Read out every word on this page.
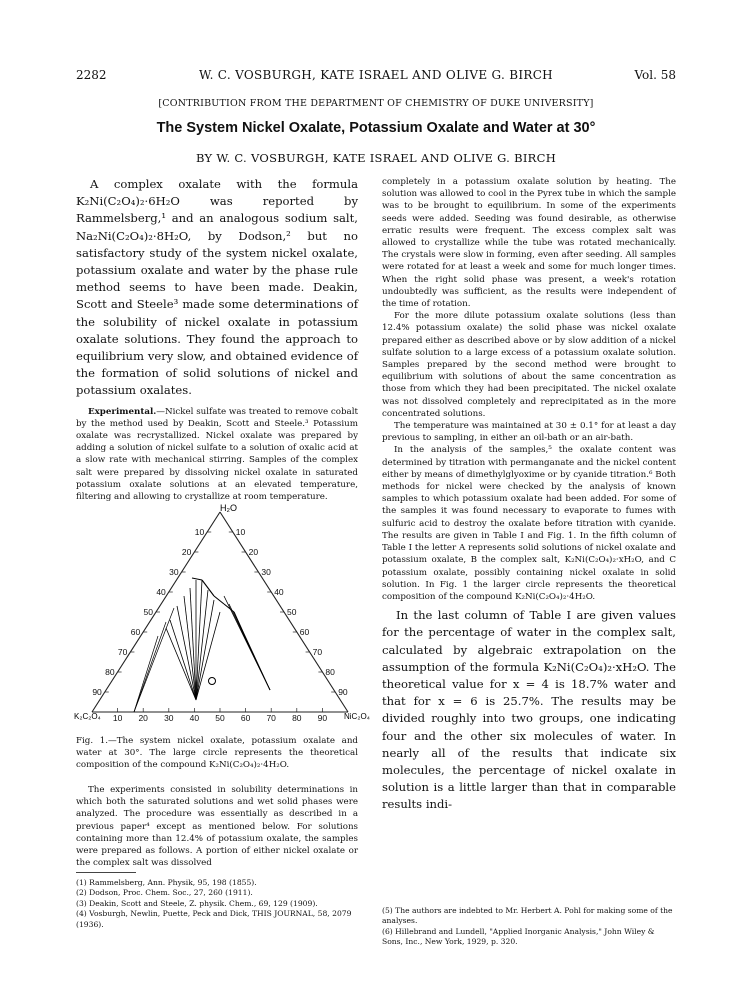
2282	W. C. VOSBURGH, KATE ISRAEL AND OLIVE G. BIRCH	Vol. 58
[CONTRIBUTION FROM THE DEPARTMENT OF CHEMISTRY OF DUKE UNIVERSITY]
The System Nickel Oxalate, Potassium Oxalate and Water at 30°
BY W. C. VOSBURGH, KATE ISRAEL AND OLIVE G. BIRCH

A complex oxalate with the formula K₂Ni(C₂O₄)₂·6H₂O was reported by Rammelsberg,¹ and an analogous sodium salt, Na₂Ni(C₂O₄)₂·8H₂O, by Dodson,² but no satisfactory study of the system nickel oxalate, potassium oxalate and water by the phase rule method seems to have been made. Deakin, Scott and Steele³ made some determinations of the solubility of nickel oxalate in potassium oxalate solutions. They found the approach to equilibrium very slow, and obtained evidence of the formation of solid solutions of nickel and potassium oxalates.

Experimental.—Nickel sulfate was treated to remove cobalt by the method used by Deakin, Scott and Steele.³ Potassium oxalate was recrystallized. Nickel oxalate was prepared by adding a solution of nickel sulfate to a solution of oxalic acid at a slow rate with mechanical stirring. Samples of the complex salt were prepared by dissolving nickel oxalate in saturated potassium oxalate solutions at an elevated temperature, filtering and allowing to crystallize at room temperature.

10	10
10
20	20
20
30	30
30
40	40
40
50	50
50
60	60
60
70	70
70
80	80
80
90	90
90
H₂O
K₂C₂O₄	NiC₂O₄
Fig. 1.—The system nickel oxalate, potassium oxalate and water at 30°. The large circle represents the theoretical composition of the compound K₂Ni(C₂O₄)₂·4H₂O.

The experiments consisted in solubility determinations in which both the saturated solutions and wet solid phases were analyzed. The procedure was essentially as described in a previous paper⁴ except as mentioned below. For solutions containing more than 12.4% of potassium oxalate, the samples were prepared as follows. A portion of either nickel oxalate or the complex salt was dissolved

completely in a potassium oxalate solution by heating. The solution was allowed to cool in the Pyrex tube in which the sample was to be brought to equilibrium. In some of the experiments seeds were added. Seeding was found desirable, as otherwise erratic results were frequent. The excess complex salt was allowed to crystallize while the tube was rotated mechanically. The crystals were slow in forming, even after seeding. All samples were rotated for at least a week and some for much longer times. When the right solid phase was present, a week's rotation undoubtedly was sufficient, as the results were independent of the time of rotation.

For the more dilute potassium oxalate solutions (less than 12.4% potassium oxalate) the solid phase was nickel oxalate prepared either as described above or by slow addition of a nickel sulfate solution to a large excess of a potassium oxalate solution. Samples prepared by the second method were brought to equilibrium with solutions of about the same concentration as those from which they had been precipitated. The nickel oxalate was not dissolved completely and reprecipitated as in the more concentrated solutions.

The temperature was maintained at 30 ± 0.1° for at least a day previous to sampling, in either an oil-bath or an air-bath.

In the analysis of the samples,⁵ the oxalate content was determined by titration with permanganate and the nickel content either by means of dimethylglyoxime or by cyanide titration.⁶ Both methods for nickel were checked by the analysis of known samples to which potassium oxalate had been added. For some of the samples it was found necessary to evaporate to fumes with sulfuric acid to destroy the oxalate before titration with cyanide. The results are given in Table I and Fig. 1. In the fifth column of Table I the letter A represents solid solutions of nickel oxalate and potassium oxalate, B the complex salt, K₂Ni(C₂O₄)₂·xH₂O, and C potassium oxalate, possibly containing nickel oxalate in solid solution. In Fig. 1 the larger circle represents the theoretical composition of the compound K₂Ni(C₂O₄)₂·4H₂O.

In the last column of Table I are given values for the percentage of water in the complex salt, calculated by algebraic extrapolation on the assumption of the formula K₂Ni(C₂O₄)₂·xH₂O. The theoretical value for x = 4 is 18.7% water and that for x = 6 is 25.7%. The results may be divided roughly into two groups, one indicating four and the other six molecules of water. In nearly all of the results that indicate six molecules, the percentage of nickel oxalate in solution is a little larger than that in comparable results indi-

(1) Rammelsberg, Ann. Physik, 95, 198 (1855).

(2) Dodson, Proc. Chem. Soc., 27, 260 (1911).

(3) Deakin, Scott and Steele, Z. physik. Chem., 69, 129 (1909).

(4) Vosburgh, Newlin, Puette, Peck and Dick, THIS JOURNAL, 58, 2079 (1936).

(5) The authors are indebted to Mr. Herbert A. Pohl for making some of the analyses.

(6) Hillebrand and Lundell, "Applied Inorganic Analysis," John Wiley & Sons, Inc., New York, 1929, p. 320.
